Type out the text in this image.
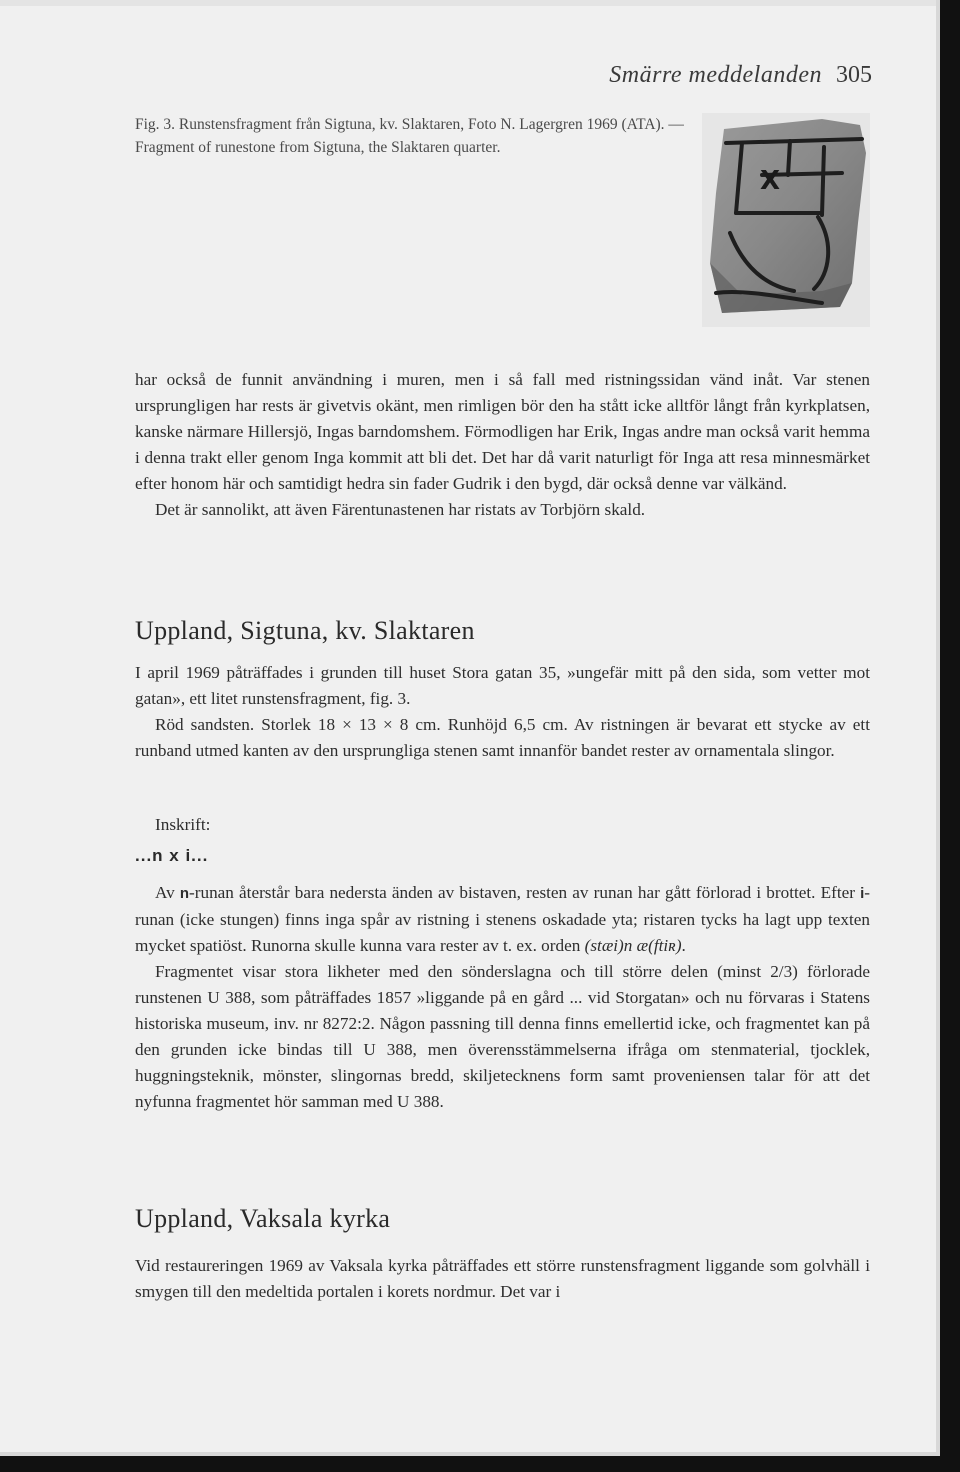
Smärre meddelanden 305
Fig. 3. Runstensfragment från Sigtuna, kv. Slaktaren, Foto N. Lagergren 1969 (ATA). — Fragment of runestone from Sigtuna, the Slaktaren quarter.
X

har också de funnit användning i muren, men i så fall med ristningssidan vänd inåt. Var stenen ursprungligen har rests är givetvis okänt, men rimligen bör den ha stått icke alltför långt från kyrkplatsen, kanske närmare Hillersjö, Ingas barndomshem. Förmodligen har Erik, Ingas andre man också varit hemma i denna trakt eller genom Inga kommit att bli det. Det har då varit naturligt för Inga att resa minnesmärket efter honom här och samtidigt hedra sin fader Gudrik i den bygd, där också denne var välkänd.

Det är sannolikt, att även Färentunastenen har ristats av Torbjörn skald.

Uppland, Sigtuna, kv. Slaktaren

I april 1969 påträffades i grunden till huset Stora gatan 35, »ungefär mitt på den sida, som vetter mot gatan», ett litet runstensfragment, fig. 3.

Röd sandsten. Storlek 18 × 13 × 8 cm. Runhöjd 6,5 cm. Av ristningen är bevarat ett stycke av ett runband utmed kanten av den ursprungliga stenen samt innanför bandet rester av ornamentala slingor.

Inskrift:

...n x i...

Av n-runan återstår bara nedersta änden av bistaven, resten av runan har gått förlorad i brottet. Efter i-runan (icke stungen) finns inga spår av ristning i stenens oskadade yta; ristaren tycks ha lagt upp texten mycket spatiöst. Runorna skulle kunna vara rester av t. ex. orden (stæi)n æ(ftiʀ).

Fragmentet visar stora likheter med den sönderslagna och till större delen (minst 2/3) förlorade runstenen U 388, som påträffades 1857 »liggande på en gård ... vid Storgatan» och nu förvaras i Statens historiska museum, inv. nr 8272:2. Någon passning till denna finns emellertid icke, och fragmentet kan på den grunden icke bindas till U 388, men överensstämmelserna ifråga om stenmaterial, tjocklek, huggningsteknik, mönster, slingornas bredd, skiljetecknens form samt proveniensen talar för att det nyfunna fragmentet hör samman med U 388.

Uppland, Vaksala kyrka

Vid restaureringen 1969 av Vaksala kyrka påträffades ett större runstensfragment liggande som golvhäll i smygen till den medeltida portalen i korets nordmur. Det var i
